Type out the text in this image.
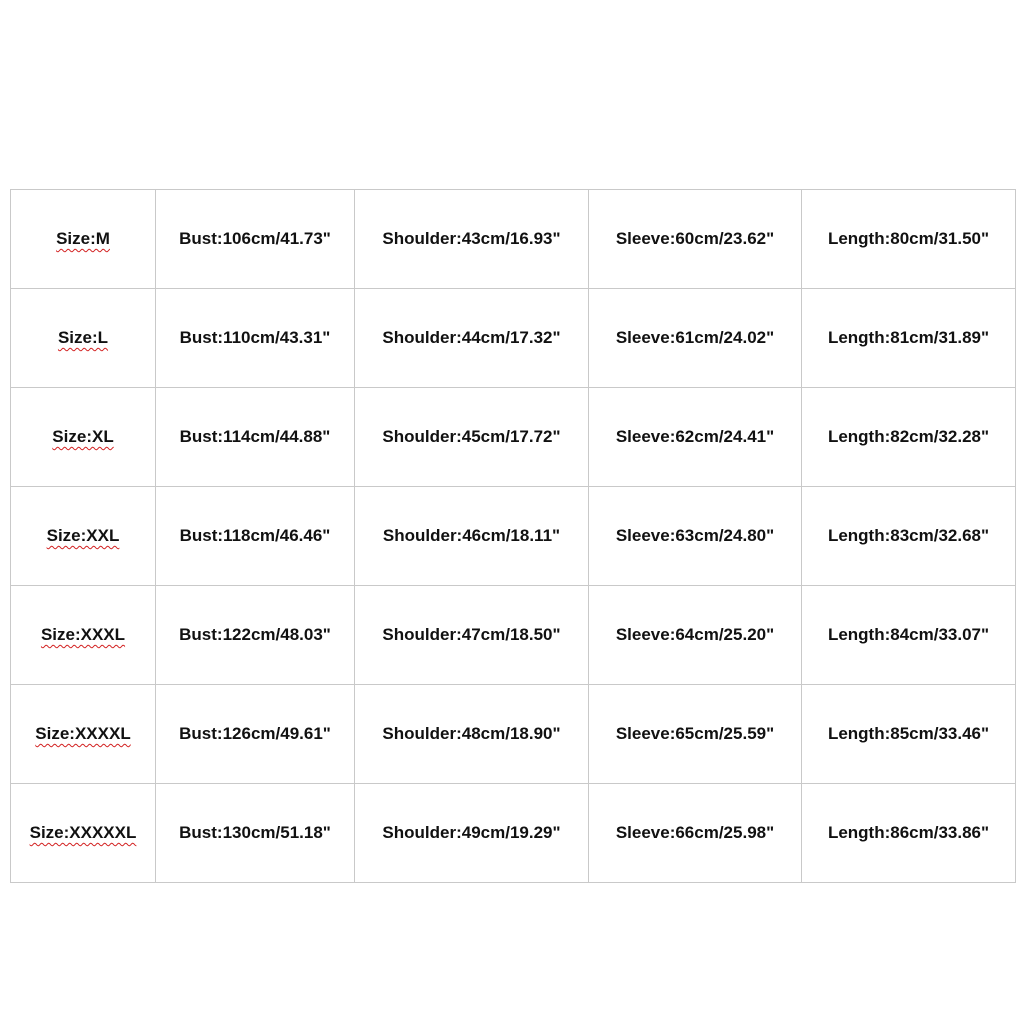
Size:M	Bust:106cm/41.73"	Shoulder:43cm/16.93"	Sleeve:60cm/23.62"	Length:80cm/31.50"
Size:L	Bust:110cm/43.31"	Shoulder:44cm/17.32"	Sleeve:61cm/24.02"	Length:81cm/31.89"
Size:XL	Bust:114cm/44.88"	Shoulder:45cm/17.72"	Sleeve:62cm/24.41"	Length:82cm/32.28"
Size:XXL	Bust:118cm/46.46"	Shoulder:46cm/18.11"	Sleeve:63cm/24.80"	Length:83cm/32.68"
Size:XXXL	Bust:122cm/48.03"	Shoulder:47cm/18.50"	Sleeve:64cm/25.20"	Length:84cm/33.07"
Size:XXXXL	Bust:126cm/49.61"	Shoulder:48cm/18.90"	Sleeve:65cm/25.59"	Length:85cm/33.46"
Size:XXXXXL	Bust:130cm/51.18"	Shoulder:49cm/19.29"	Sleeve:66cm/25.98"	Length:86cm/33.86"
